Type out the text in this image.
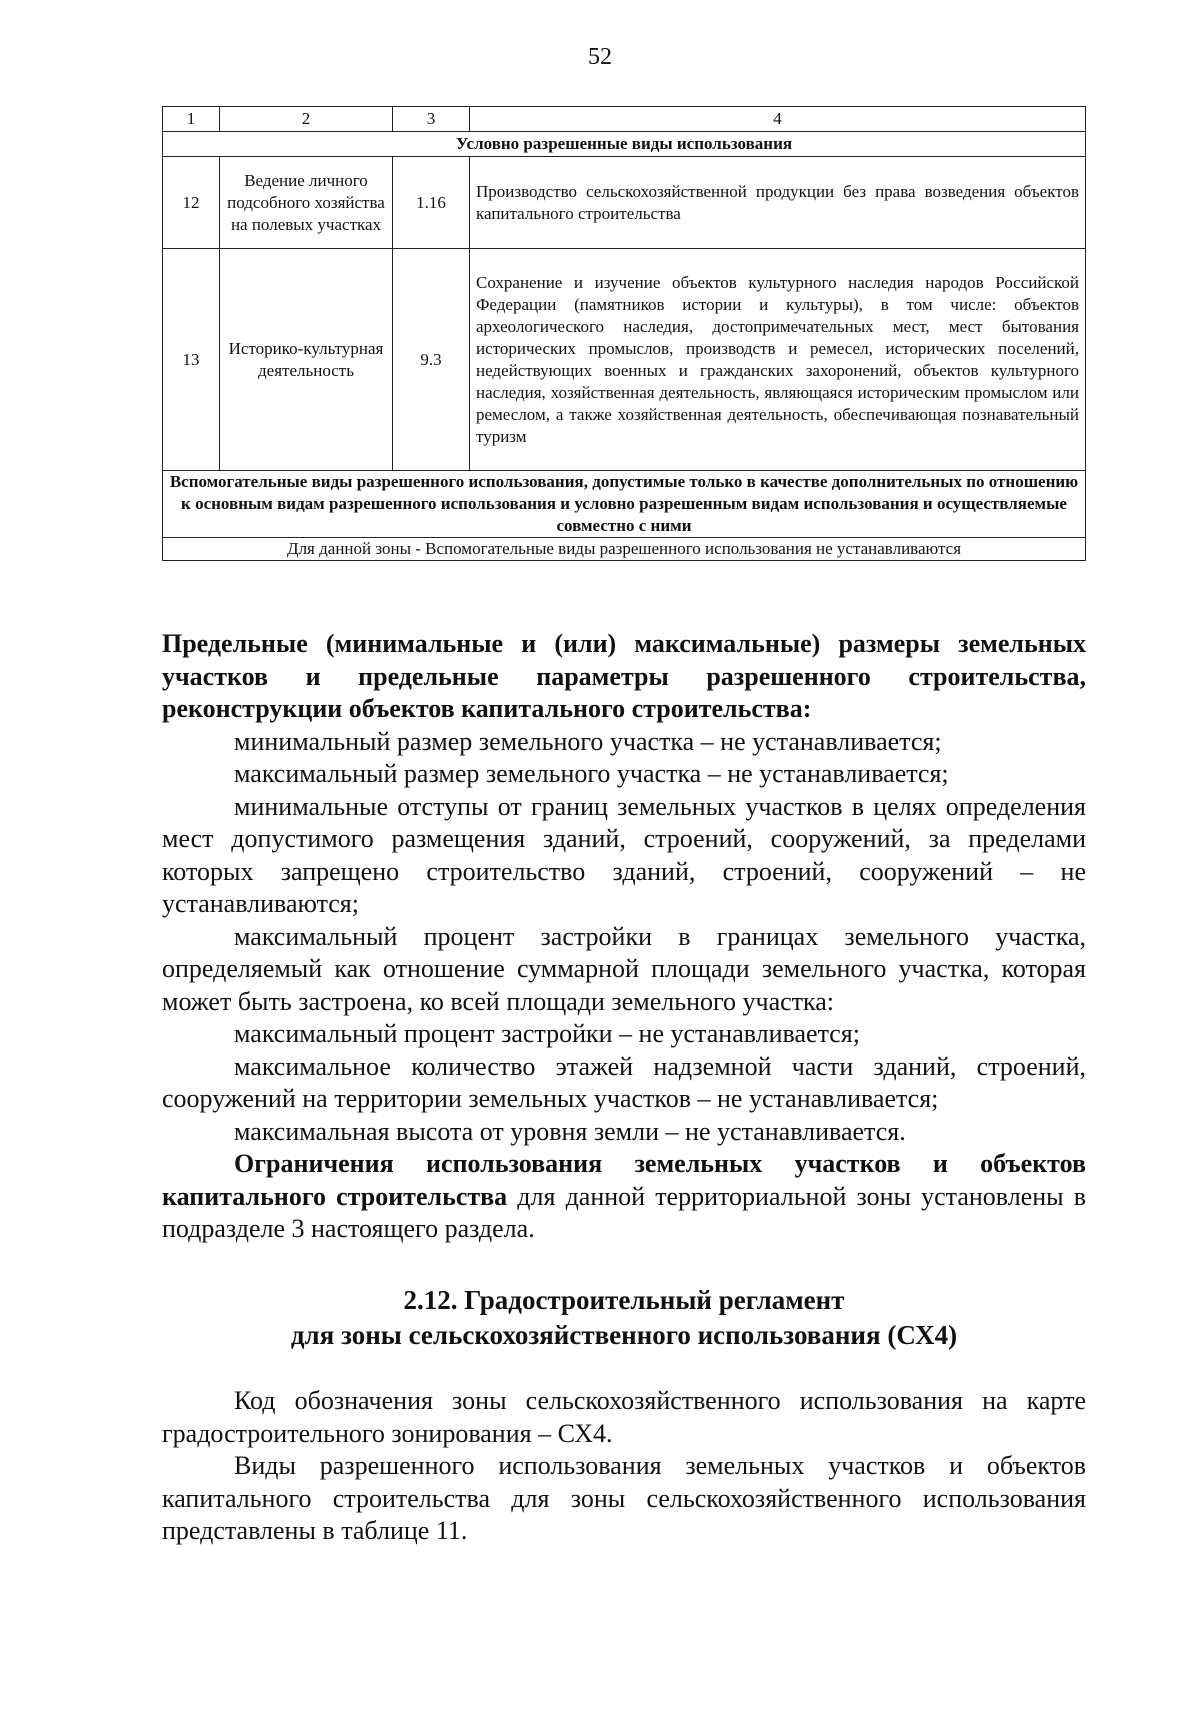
52
1	2	3	4
Условно разрешенные виды использования			
12	Ведение личного подсобного хозяйства на полевых участках	1.16	Производство сельскохозяйственной продукции без права возведения объектов капитального строительства
13	Историко-культурная деятельность	9.3	Сохранение и изучение объектов культурного наследия народов Российской Федерации (памятников истории и культуры), в том числе: объектов археологического наследия, достопримечательных мест, мест бытования исторических промыслов, производств и ремесел, исторических поселений, недействующих военных и гражданских захоронений, объектов культурного наследия, хозяйственная деятельность, являющаяся историческим промыслом или ремеслом, а также хозяйственная деятельность, обеспечивающая познавательный туризм
Вспомогательные виды разрешенного использования, допустимые только в качестве дополнительных по отношению к основным видам разрешенного использования и условно разрешенным видам использования и осуществляемые совместно с ними			
Для данной зоны - Вспомогательные виды разрешенного использования не устанавливаются			

Предельные (минимальные и (или) максимальные) размеры земельных участков и предельные параметры разрешенного строительства, реконструкции объектов капитального строительства:

минимальный размер земельного участка – не устанавливается;

максимальный размер земельного участка – не устанавливается;

минимальные отступы от границ земельных участков в целях определения мест допустимого размещения зданий, строений, сооружений, за пределами которых запрещено строительство зданий, строений, сооружений – не устанавливаются;

максимальный процент застройки в границах земельного участка, определяемый как отношение суммарной площади земельного участка, которая может быть застроена, ко всей площади земельного участка:

максимальный процент застройки – не устанавливается;

максимальное количество этажей надземной части зданий, строений, сооружений на территории земельных участков – не устанавливается;

максимальная высота от уровня земли – не устанавливается.

Ограничения использования земельных участков и объектов капитального строительства для данной территориальной зоны установлены в подразделе 3 настоящего раздела.

2.12. Градостроительный регламент
для зоны сельскохозяйственного использования (СХ4)

Код обозначения зоны сельскохозяйственного использования на карте градостроительного зонирования – СХ4.

Виды разрешенного использования земельных участков и объектов капитального строительства для зоны сельскохозяйственного использования представлены в таблице 11.
